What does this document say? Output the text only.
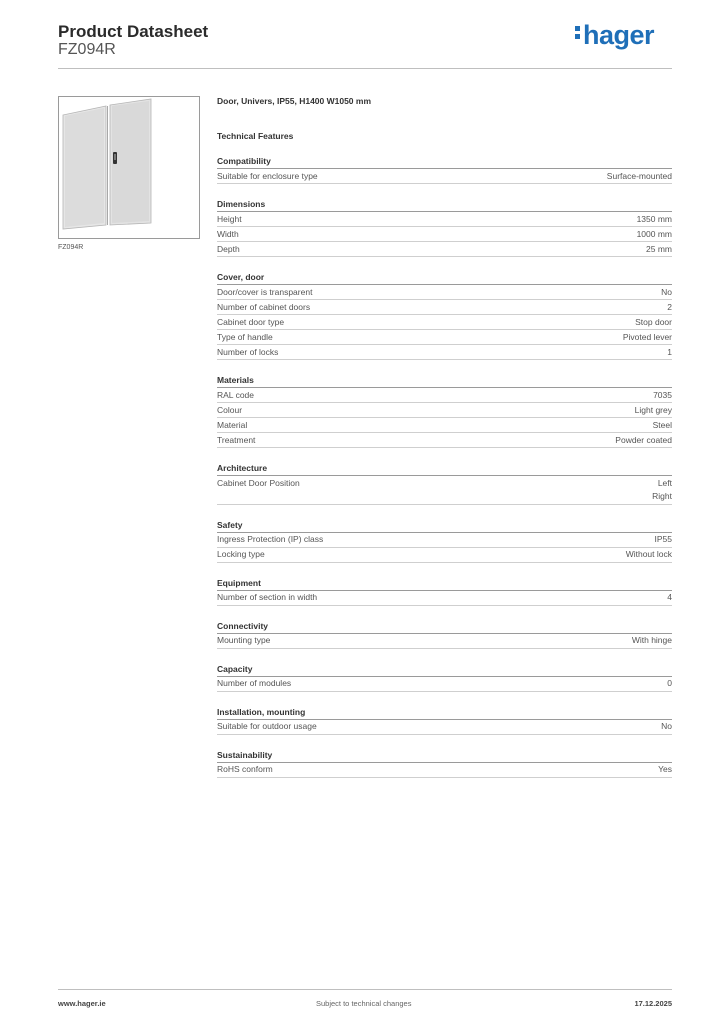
Product Datasheet
FZ094R	hager
FZ094R
Door, Univers, IP55, H1400 W1050 mm
Technical Features
Compatibility
Suitable for enclosure type	Surface-mounted
Dimensions
Height	1350 mm
Width	1000 mm
Depth	25 mm
Cover, door
Door/cover is transparent	No
Number of cabinet doors	2
Cabinet door type	Stop door
Type of handle	Pivoted lever
Number of locks	1
Materials
RAL code	7035
Colour	Light grey
Material	Steel
Treatment	Powder coated
Architecture
Cabinet Door Position	Left
Right
Safety
Ingress Protection (IP) class	IP55
Locking type	Without lock
Equipment
Number of section in width	4
Connectivity
Mounting type	With hinge
Capacity
Number of modules	0
Installation, mounting
Suitable for outdoor usage	No
Sustainability
RoHS conform	Yes
www.hager.ie	Subject to technical changes	17.12.2025
